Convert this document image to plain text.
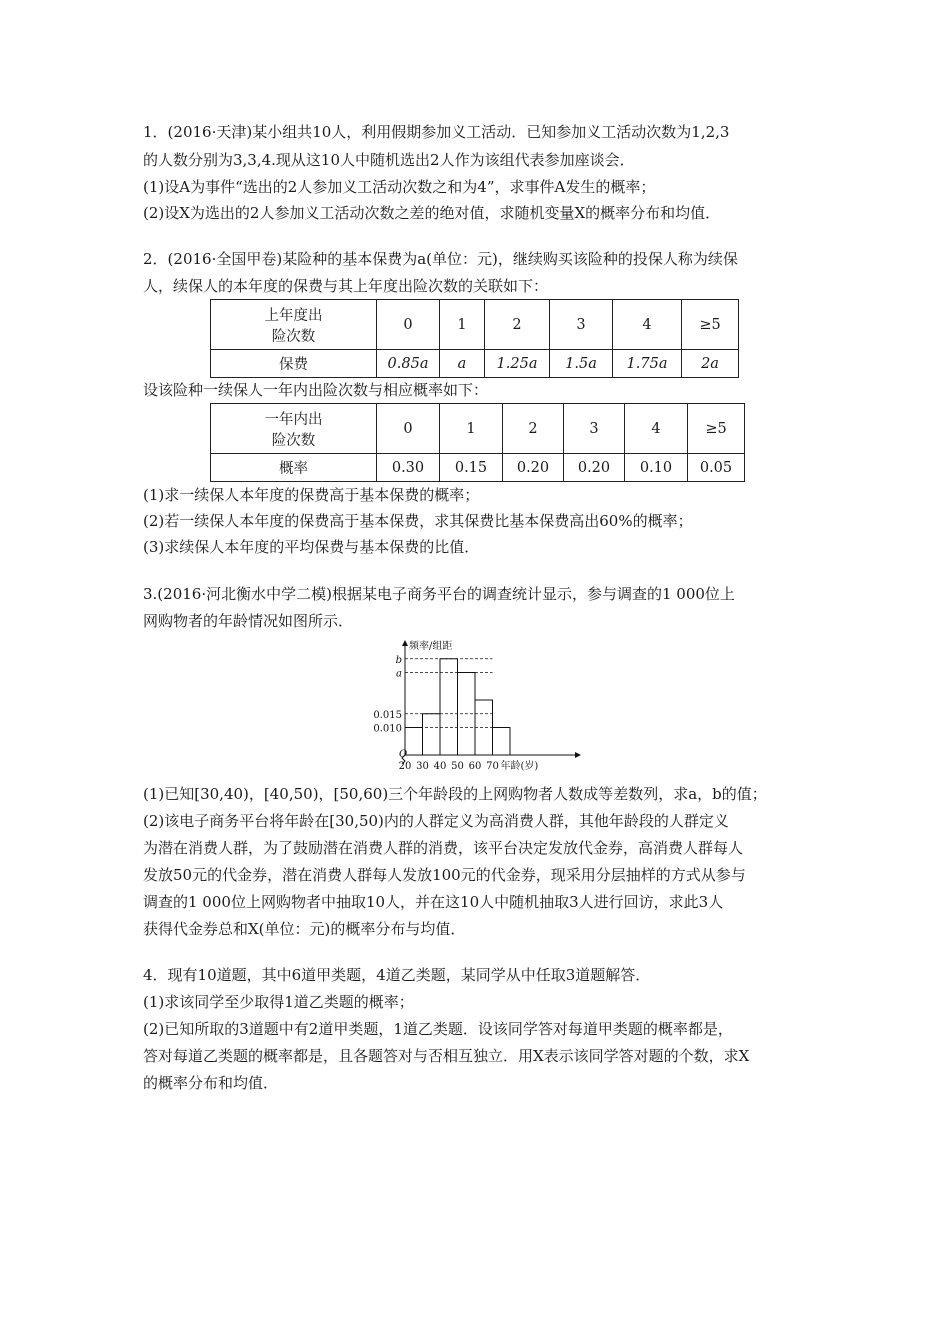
1．(2016·天津)某小组共10人，利用假期参加义工活动．已知参加义工活动次数为1,2,3
的人数分别为3,3,4.现从这10人中随机选出2人作为该组代表参加座谈会．
(1)设A为事件“选出的2人参加义工活动次数之和为4”，求事件A发生的概率；
(2)设X为选出的2人参加义工活动次数之差的绝对值，求随机变量X的概率分布和均值．
2．(2016·全国甲卷)某险种的基本保费为a(单位：元)，继续购买该险种的投保人称为续保
人，续保人的本年度的保费与其上年度出险次数的关联如下：
上年度出
险次数	0	1	2	3	4	≥5
保费	0.85a	a	1.25a	1.5a	1.75a	2a
设该险种一续保人一年内出险次数与相应概率如下：
一年内出
险次数	0	1	2	3	4	≥5
概率	0.30	0.15	0.20	0.20	0.10	0.05
(1)求一续保人本年度的保费高于基本保费的概率；
(2)若一续保人本年度的保费高于基本保费，求其保费比基本保费高出60%的概率；
(3)求续保人本年度的平均保费与基本保费的比值．
3.(2016·河北衡水中学二模)根据某电子商务平台的调查统计显示，参与调查的1 000位上
网购物者的年龄情况如图所示．
a
b
0.015
0.010
20 30 40 50 60 70
O
年龄(岁)
频率/组距
(1)已知[30,40)，[40,50)，[50,60)三个年龄段的上网购物者人数成等差数列，求a，b的值；
(2)该电子商务平台将年龄在[30,50)内的人群定义为高消费人群，其他年龄段的人群定义
为潜在消费人群，为了鼓励潜在消费人群的消费，该平台决定发放代金券，高消费人群每人
发放50元的代金券，潜在消费人群每人发放100元的代金券，现采用分层抽样的方式从参与
调查的1 000位上网购物者中抽取10人，并在这10人中随机抽取3人进行回访，求此3人
获得代金券总和X(单位：元)的概率分布与均值．
4．现有10道题，其中6道甲类题，4道乙类题，某同学从中任取3道题解答．
(1)求该同学至少取得1道乙类题的概率；
(2)已知所取的3道题中有2道甲类题，1道乙类题．设该同学答对每道甲类题的概率都是，
答对每道乙类题的概率都是，且各题答对与否相互独立．用X表示该同学答对题的个数，求X
的概率分布和均值．
